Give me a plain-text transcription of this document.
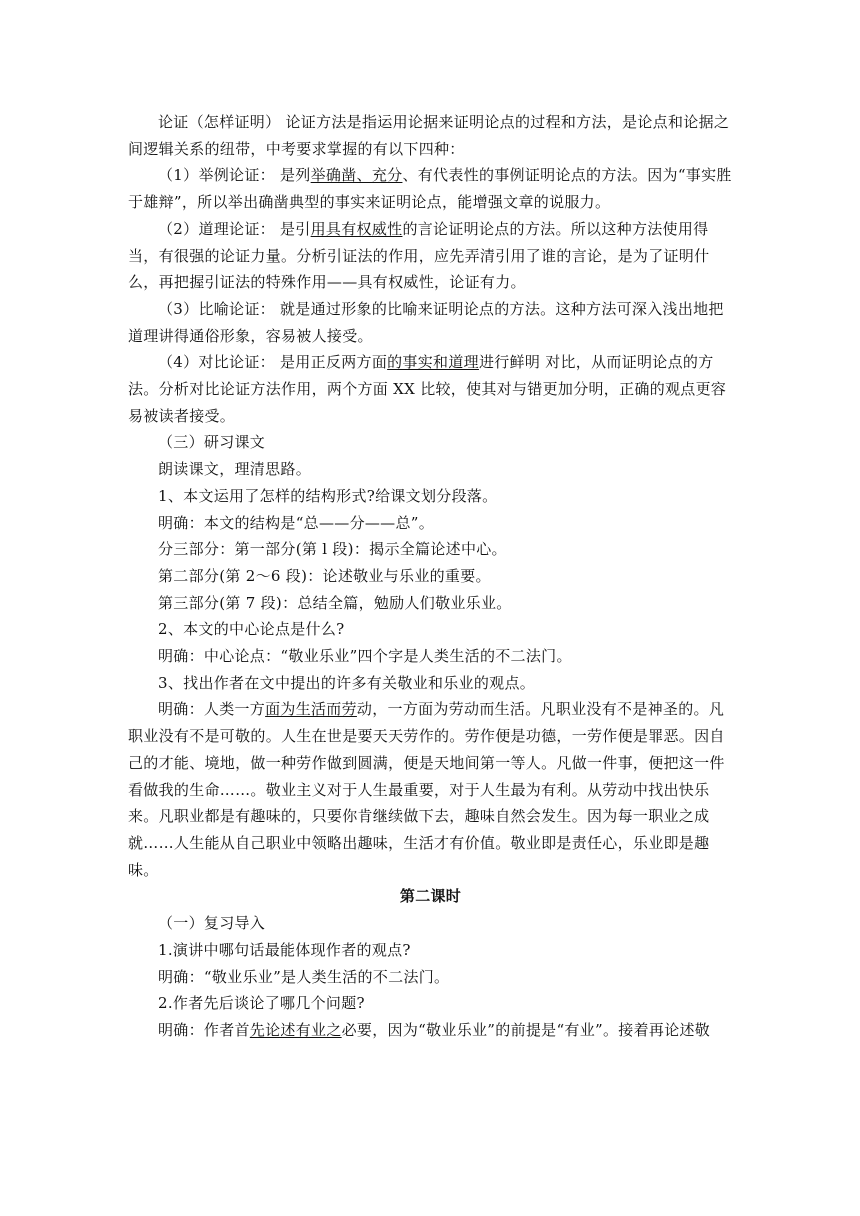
论证（怎样证明） 论证方法是指运用论据来证明论点的过程和方法，是论点和论据之间逻辑关系的纽带，中考要求掌握的有以下四种：

（1）举例论证： 是列举确凿、充分、有代表性的事例证明论点的方法。因为“事实胜于雄辩”，所以举出确凿典型的事实来证明论点，能增强文章的说服力。

（2）道理论证： 是引用具有权威性的言论证明论点的方法。所以这种方法使用得当，有很强的论证力量。分析引证法的作用，应先弄清引用了谁的言论，是为了证明什么，再把握引证法的特殊作用——具有权威性，论证有力。

（3）比喻论证： 就是通过形象的比喻来证明论点的方法。这种方法可深入浅出地把道理讲得通俗形象，容易被人接受。

（4）对比论证： 是用正反两方面的事实和道理进行鲜明 对比，从而证明论点的方法。分析对比论证方法作用，两个方面 XX 比较，使其对与错更加分明，正确的观点更容易被读者接受。

（三）研习课文

朗读课文，理清思路。

1、本文运用了怎样的结构形式?给课文划分段落。

明确：本文的结构是“总——分——总”。

分三部分：第一部分(第 l 段)：揭示全篇论述中心。

第二部分(第 2～6 段)：论述敬业与乐业的重要。

第三部分(第 7 段)：总结全篇，勉励人们敬业乐业。

2、本文的中心论点是什么?

明确：中心论点：“敬业乐业”四个字是人类生活的不二法门。

3、找出作者在文中提出的许多有关敬业和乐业的观点。

明确：人类一方面为生活而劳动，一方面为劳动而生活。凡职业没有不是神圣的。凡职业没有不是可敬的。人生在世是要天天劳作的。劳作便是功德，一劳作便是罪恶。因自己的才能、境地，做一种劳作做到圆满，便是天地间第一等人。凡做一件事，便把这一件看做我的生命……。敬业主义对于人生最重要，对于人生最为有利。从劳动中找出快乐来。凡职业都是有趣味的，只要你肯继续做下去，趣味自然会发生。因为每一职业之成就……人生能从自己职业中领略出趣味，生活才有价值。敬业即是责任心，乐业即是趣味。

第二课时

（一）复习导入

1.演讲中哪句话最能体现作者的观点?

明确：“敬业乐业”是人类生活的不二法门。

2.作者先后谈论了哪几个问题?

明确：作者首先论述有业之必要，因为“敬业乐业”的前提是“有业”。接着再论述敬
